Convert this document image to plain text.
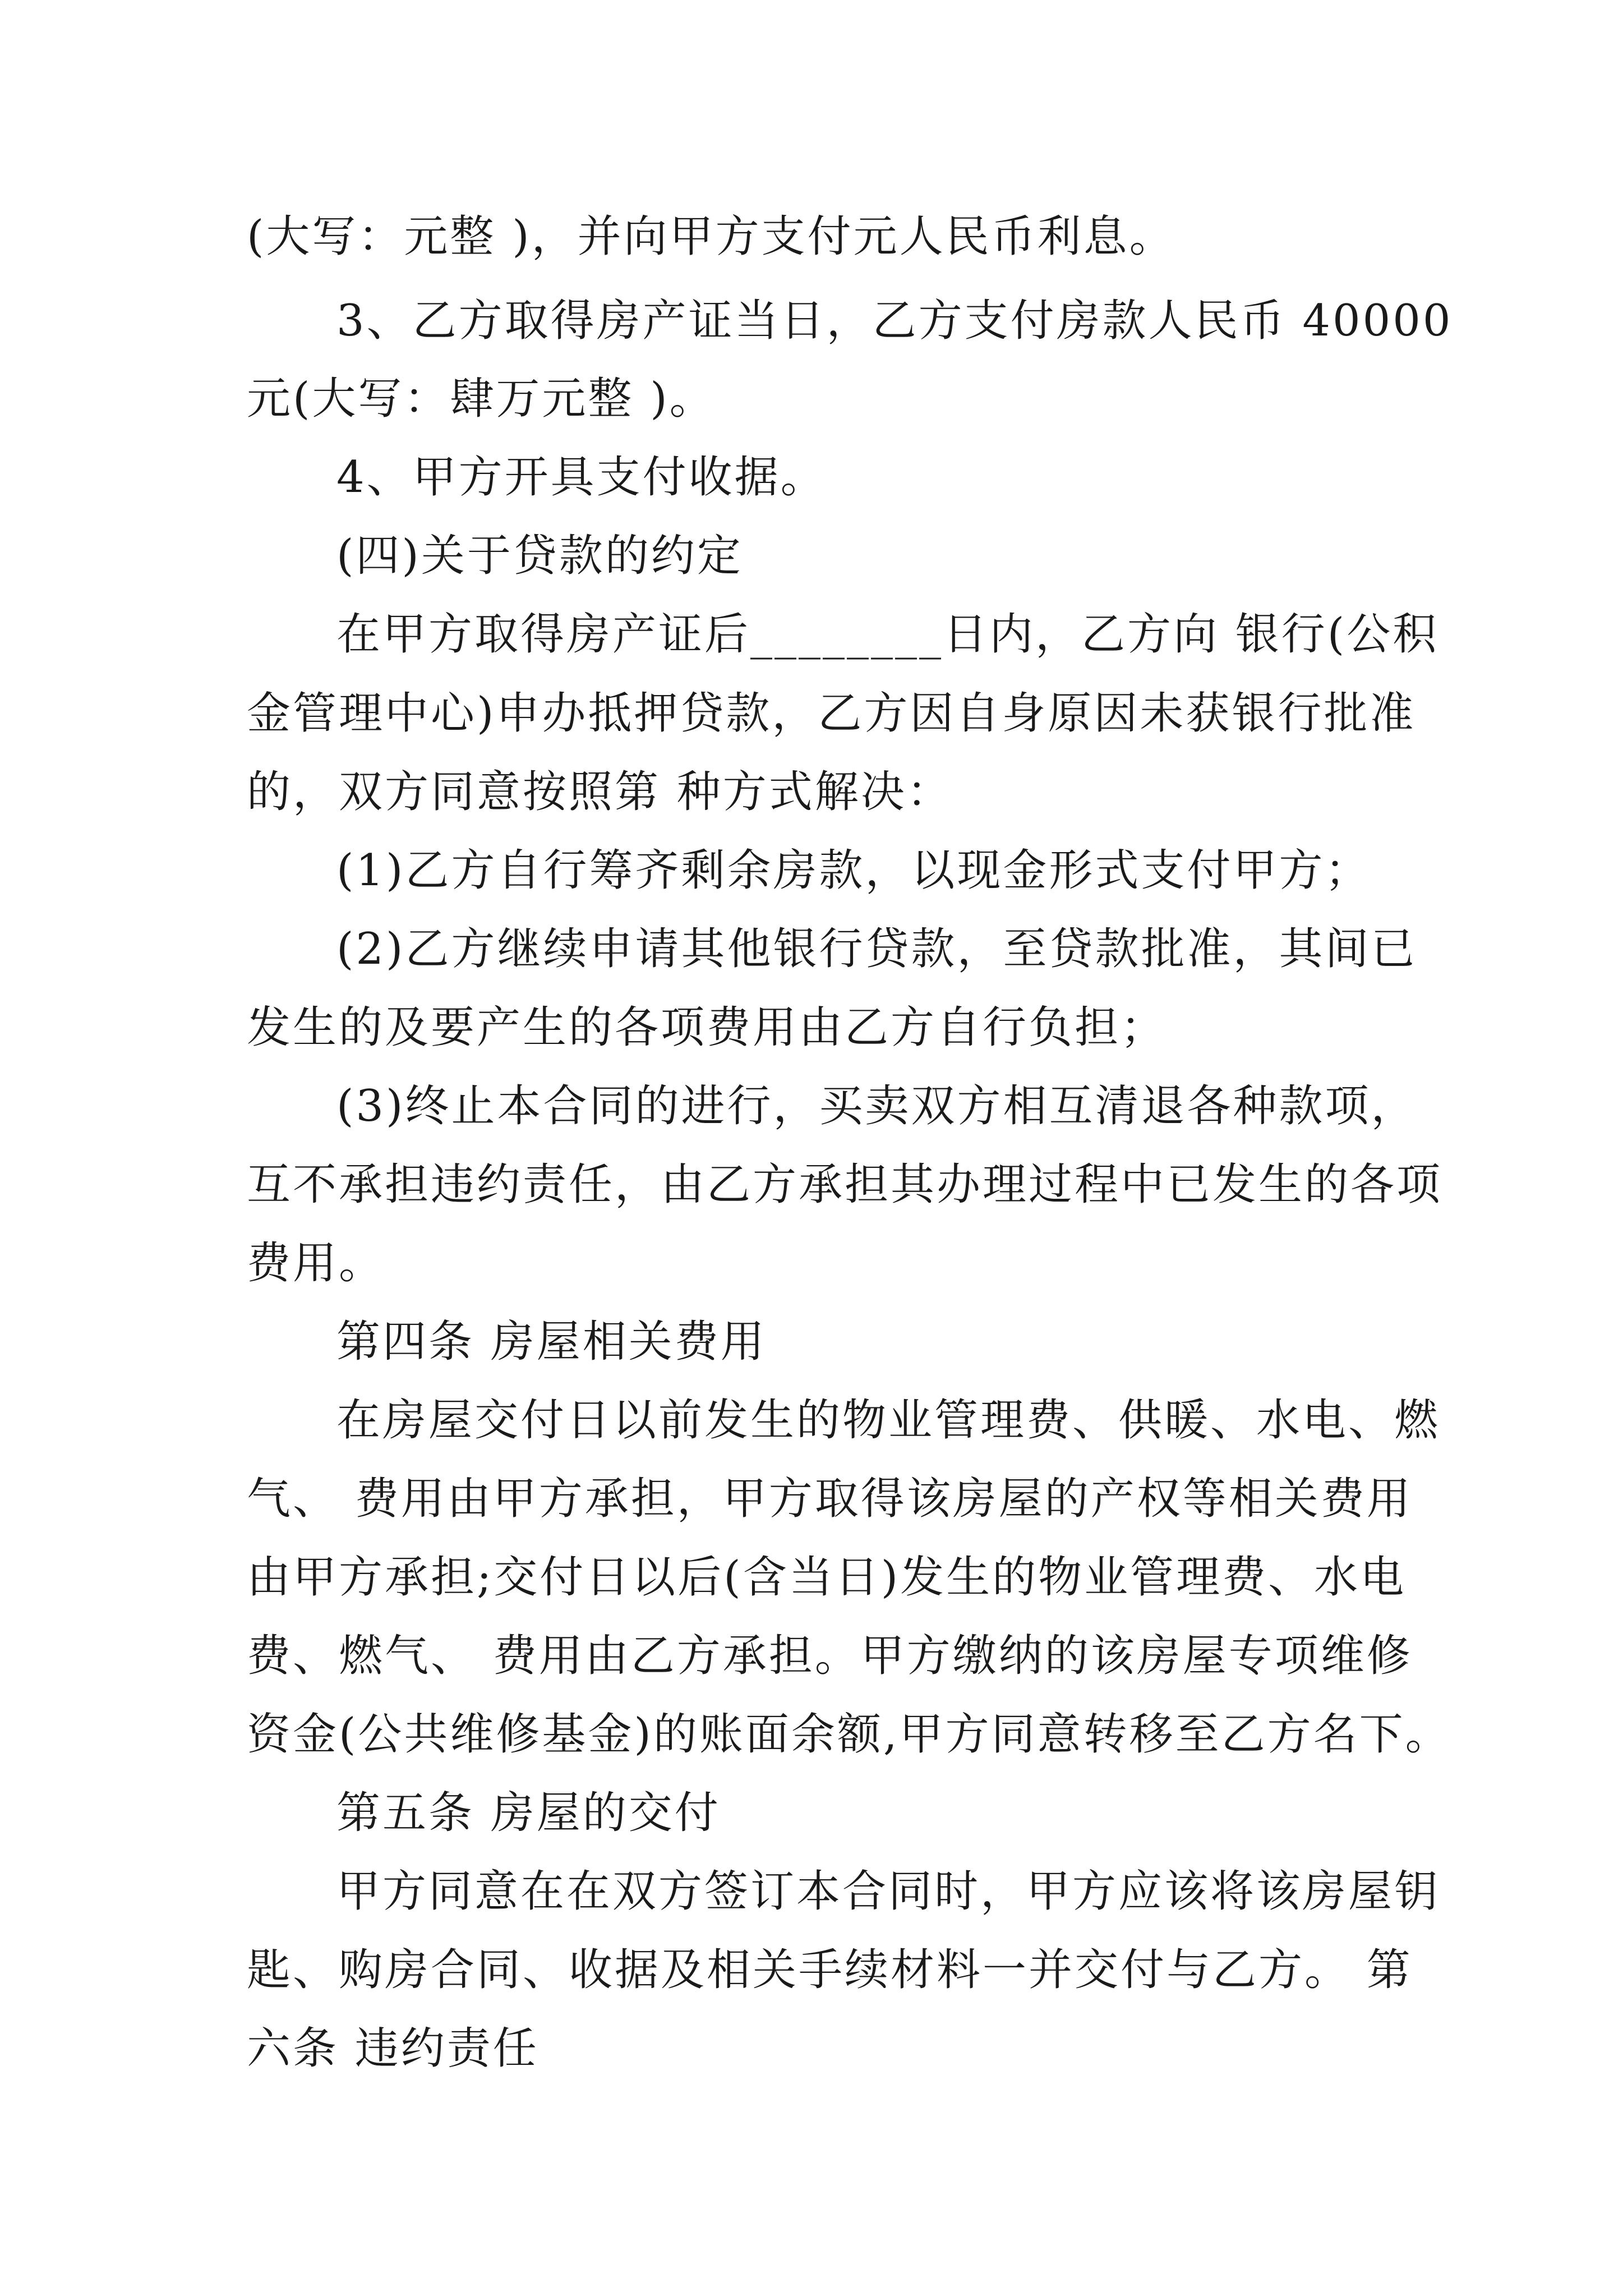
(大写：元整 )，并向甲方支付元人民币利息。
3、乙方取得房产证当日，乙方支付房款人民币 40000
元(大写：肆万元整 )。
4、甲方开具支付收据。
(四)关于贷款的约定
在甲方取得房产证后________日内，乙方向 银行(公积
金管理中心)申办抵押贷款，乙方因自身原因未获银行批准
的，双方同意按照第 种方式解决：
(1)乙方自行筹齐剩余房款，以现金形式支付甲方；
(2)乙方继续申请其他银行贷款，至贷款批准，其间已
发生的及要产生的各项费用由乙方自行负担；
(3)终止本合同的进行，买卖双方相互清退各种款项，
互不承担违约责任，由乙方承担其办理过程中已发生的各项
费用。
第四条 房屋相关费用
在房屋交付日以前发生的物业管理费、供暖、水电、燃
气、 费用由甲方承担，甲方取得该房屋的产权等相关费用
由甲方承担;交付日以后(含当日)发生的物业管理费、水电
费、燃气、 费用由乙方承担。甲方缴纳的该房屋专项维修
资金(公共维修基金)的账面余额,甲方同意转移至乙方名下。
第五条 房屋的交付
甲方同意在在双方签订本合同时，甲方应该将该房屋钥
匙、购房合同、收据及相关手续材料一并交付与乙方。 第
六条 违约责任
